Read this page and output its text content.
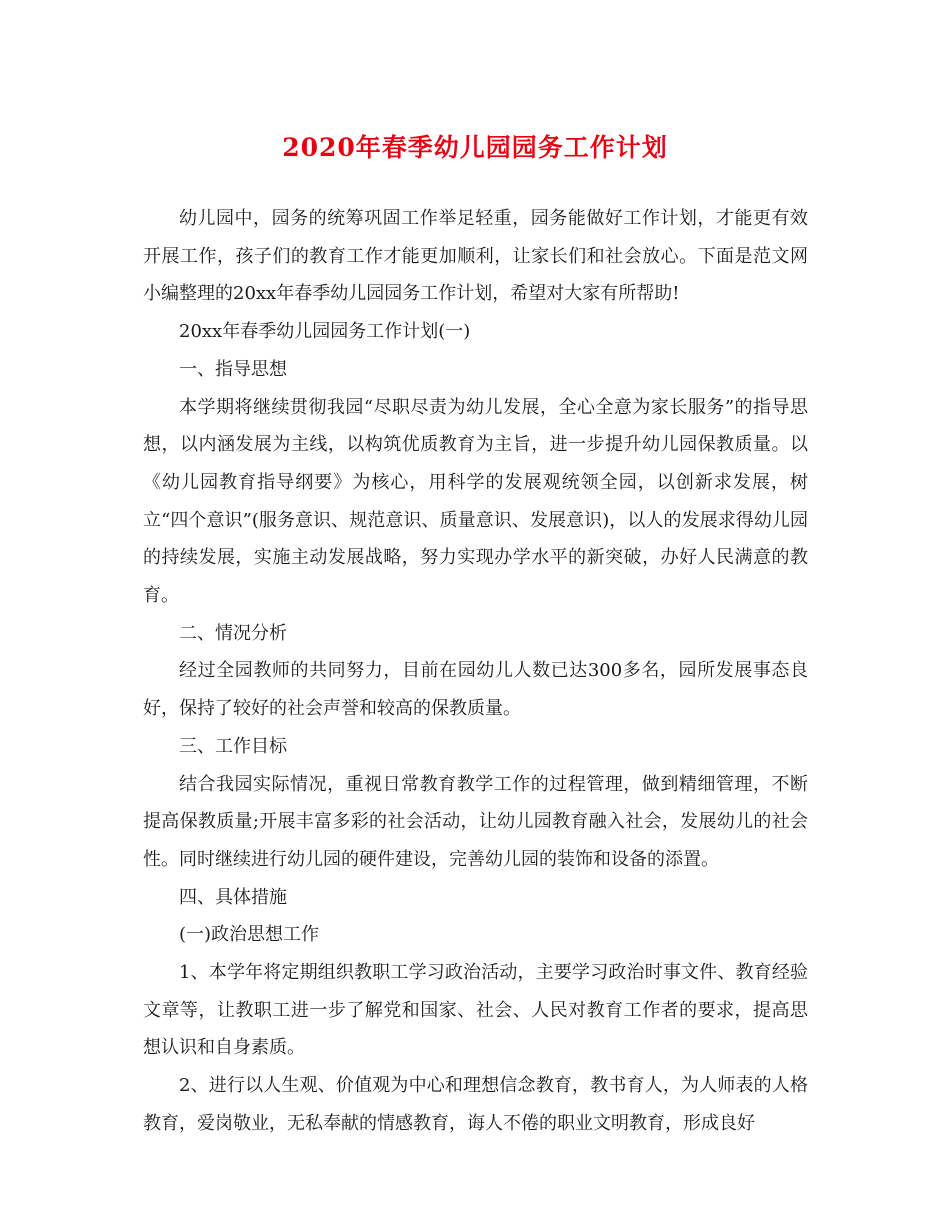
2020年春季幼儿园园务工作计划

幼儿园中，园务的统筹巩固工作举足轻重，园务能做好工作计划，才能更有效开展工作，孩子们的教育工作才能更加顺利，让家长们和社会放心。下面是范文网小编整理的20xx年春季幼儿园园务工作计划，希望对大家有所帮助!

20xx年春季幼儿园园务工作计划(一)

一、指导思想

本学期将继续贯彻我园“尽职尽责为幼儿发展，全心全意为家长服务”的指导思想，以内涵发展为主线，以构筑优质教育为主旨，进一步提升幼儿园保教质量。以《幼儿园教育指导纲要》为核心，用科学的发展观统领全园，以创新求发展，树立“四个意识”(服务意识、规范意识、质量意识、发展意识)，以人的发展求得幼儿园的持续发展，实施主动发展战略，努力实现办学水平的新突破，办好人民满意的教育。

二、情况分析

经过全园教师的共同努力，目前在园幼儿人数已达300多名，园所发展事态良好，保持了较好的社会声誉和较高的保教质量。

三、工作目标

结合我园实际情况，重视日常教育教学工作的过程管理，做到精细管理，不断提高保教质量;开展丰富多彩的社会活动，让幼儿园教育融入社会，发展幼儿的社会性。同时继续进行幼儿园的硬件建设，完善幼儿园的装饰和设备的添置。

四、具体措施

(一)政治思想工作

1、本学年将定期组织教职工学习政治活动，主要学习政治时事文件、教育经验文章等，让教职工进一步了解党和国家、社会、人民对教育工作者的要求，提高思想认识和自身素质。

2、进行以人生观、价值观为中心和理想信念教育，教书育人，为人师表的人格教育，爱岗敬业，无私奉献的情感教育，诲人不倦的职业文明教育，形成良好
